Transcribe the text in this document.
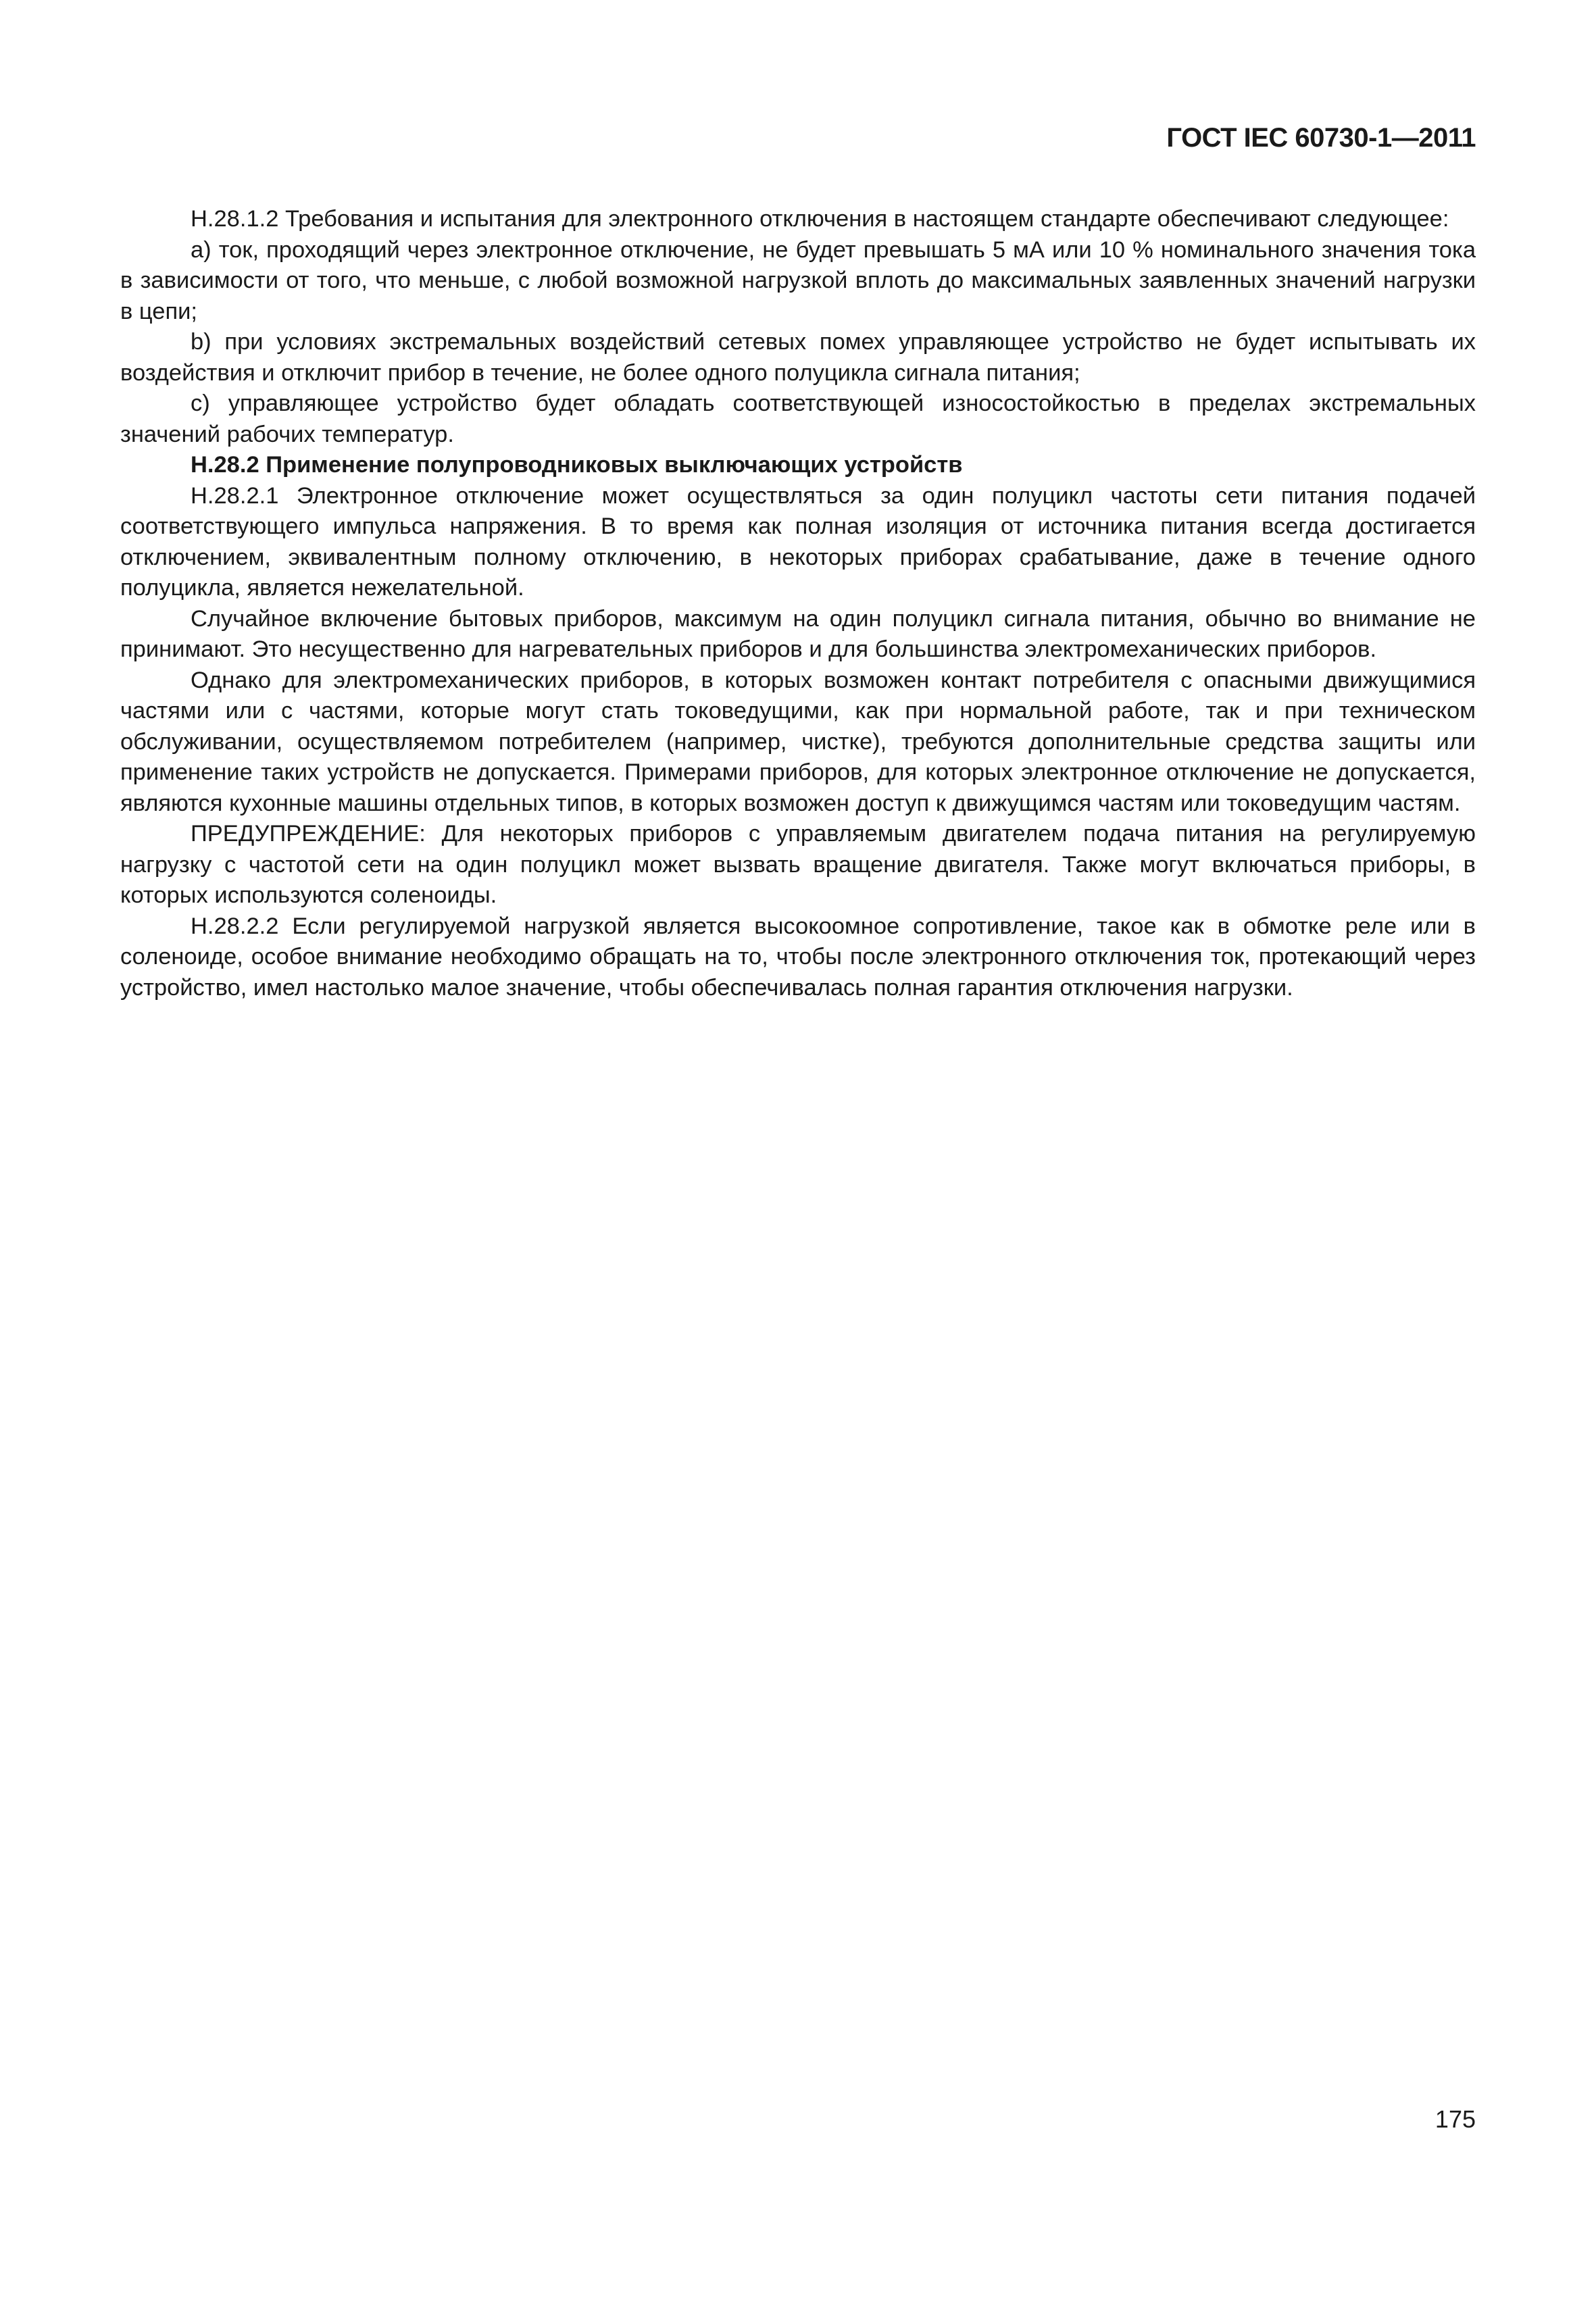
ГОСТ IEC 60730-1—2011

H.28.1.2 Требования и испытания для электронного отключения в настоящем стандарте обеспечивают следующее:

a) ток, проходящий через электронное отключение, не будет превышать 5 мА или 10 % номинального значения тока в зависимости от того, что меньше, с любой возможной нагрузкой вплоть до максимальных заявленных значений нагрузки в цепи;

b) при условиях экстремальных воздействий сетевых помех управляющее устройство не будет испытывать их воздействия и отключит прибор в течение, не более одного полуцикла сигнала питания;

c) управляющее устройство будет обладать соответствующей износостойкостью в пределах экстремальных значений рабочих температур.

H.28.2 Применение полупроводниковых выключающих устройств

H.28.2.1 Электронное отключение может осуществляться за один полуцикл частоты сети питания подачей соответствующего импульса напряжения. В то время как полная изоляция от источника питания всегда достигается отключением, эквивалентным полному отключению, в некоторых приборах срабатывание, даже в течение одного полуцикла, является нежелательной.

Случайное включение бытовых приборов, максимум на один полуцикл сигнала питания, обычно во внимание не принимают. Это несущественно для нагревательных приборов и для большинства электромеханических приборов.

Однако для электромеханических приборов, в которых возможен контакт потребителя с опасными движущимися частями или с частями, которые могут стать токоведущими, как при нормальной работе, так и при техническом обслуживании, осуществляемом потребителем (например, чистке), требуются дополнительные средства защиты или применение таких устройств не допускается. Примерами приборов, для которых электронное отключение не допускается, являются кухонные машины отдельных типов, в которых возможен доступ к движущимся частям или токоведущим частям.

ПРЕДУПРЕЖДЕНИЕ: Для некоторых приборов с управляемым двигателем подача питания на регулируемую нагрузку с частотой сети на один полуцикл может вызвать вращение двигателя. Также могут включаться приборы, в которых используются соленоиды.

H.28.2.2 Если регулируемой нагрузкой является высокоомное сопротивление, такое как в обмотке реле или в соленоиде, особое внимание необходимо обращать на то, чтобы после электронного отключения ток, протекающий через устройство, имел настолько малое значение, чтобы обеспечивалась полная гарантия отключения нагрузки.

175
